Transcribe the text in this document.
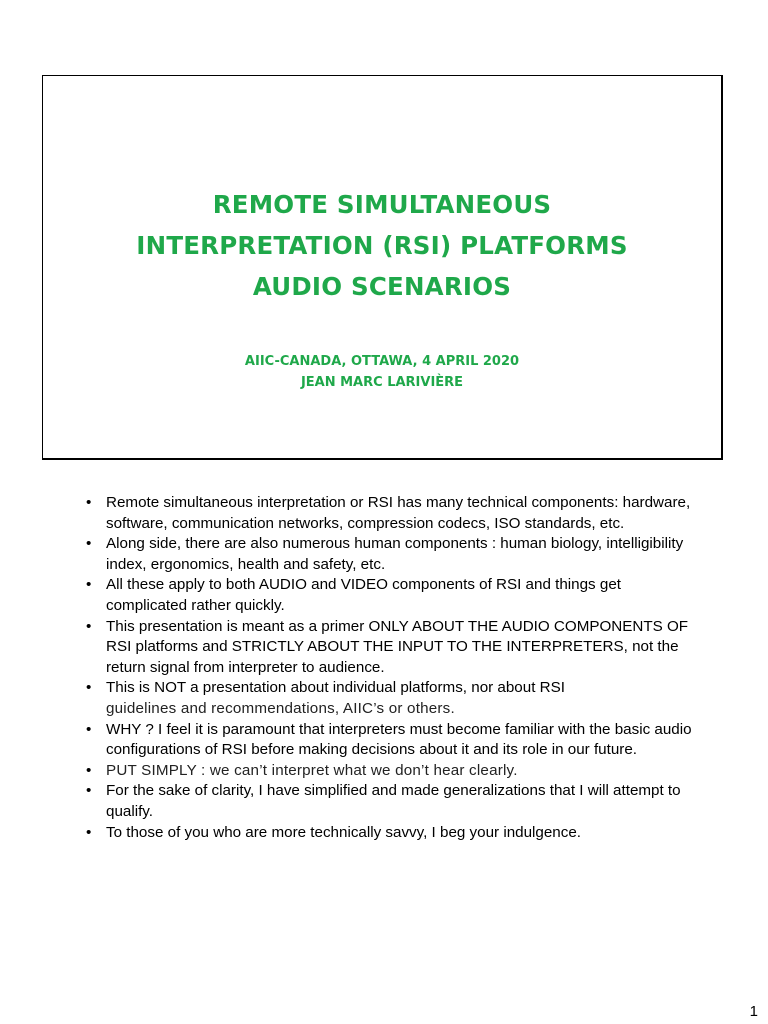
REMOTE SIMULTANEOUS
INTERPRETATION (RSI) PLATFORMS
AUDIO SCENARIOS
AIIC-CANADA, OTTAWA, 4 APRIL 2020
JEAN MARC LARIVIÈRE
• Remote simultaneous interpretation or RSI has many technical components: hardware, software, communication networks, compression codecs, ISO standards, etc.
• Along side, there are also numerous human components : human biology, intelligibility index, ergonomics, health and safety, etc.
• All these apply to both AUDIO and VIDEO components of RSI and things get complicated rather quickly.
• This presentation is meant as a primer ONLY ABOUT THE AUDIO COMPONENTS OF RSI platforms and STRICTLY ABOUT THE INPUT TO THE INTERPRETERS, not the return signal from interpreter to audience.
• This is NOT a presentation about individual platforms, nor about RSI
guidelines and recommendations, AIIC’s or others.
• WHY ? I feel it is paramount that interpreters must become familiar with the basic audio configurations of RSI before making decisions about it and its role in our future.
• PUT SIMPLY : we can’t interpret what we don’t hear clearly.
• For the sake of clarity, I have simplified and made generalizations that I will attempt to qualify.
• To those of you who are more technically savvy, I beg your indulgence.
1
